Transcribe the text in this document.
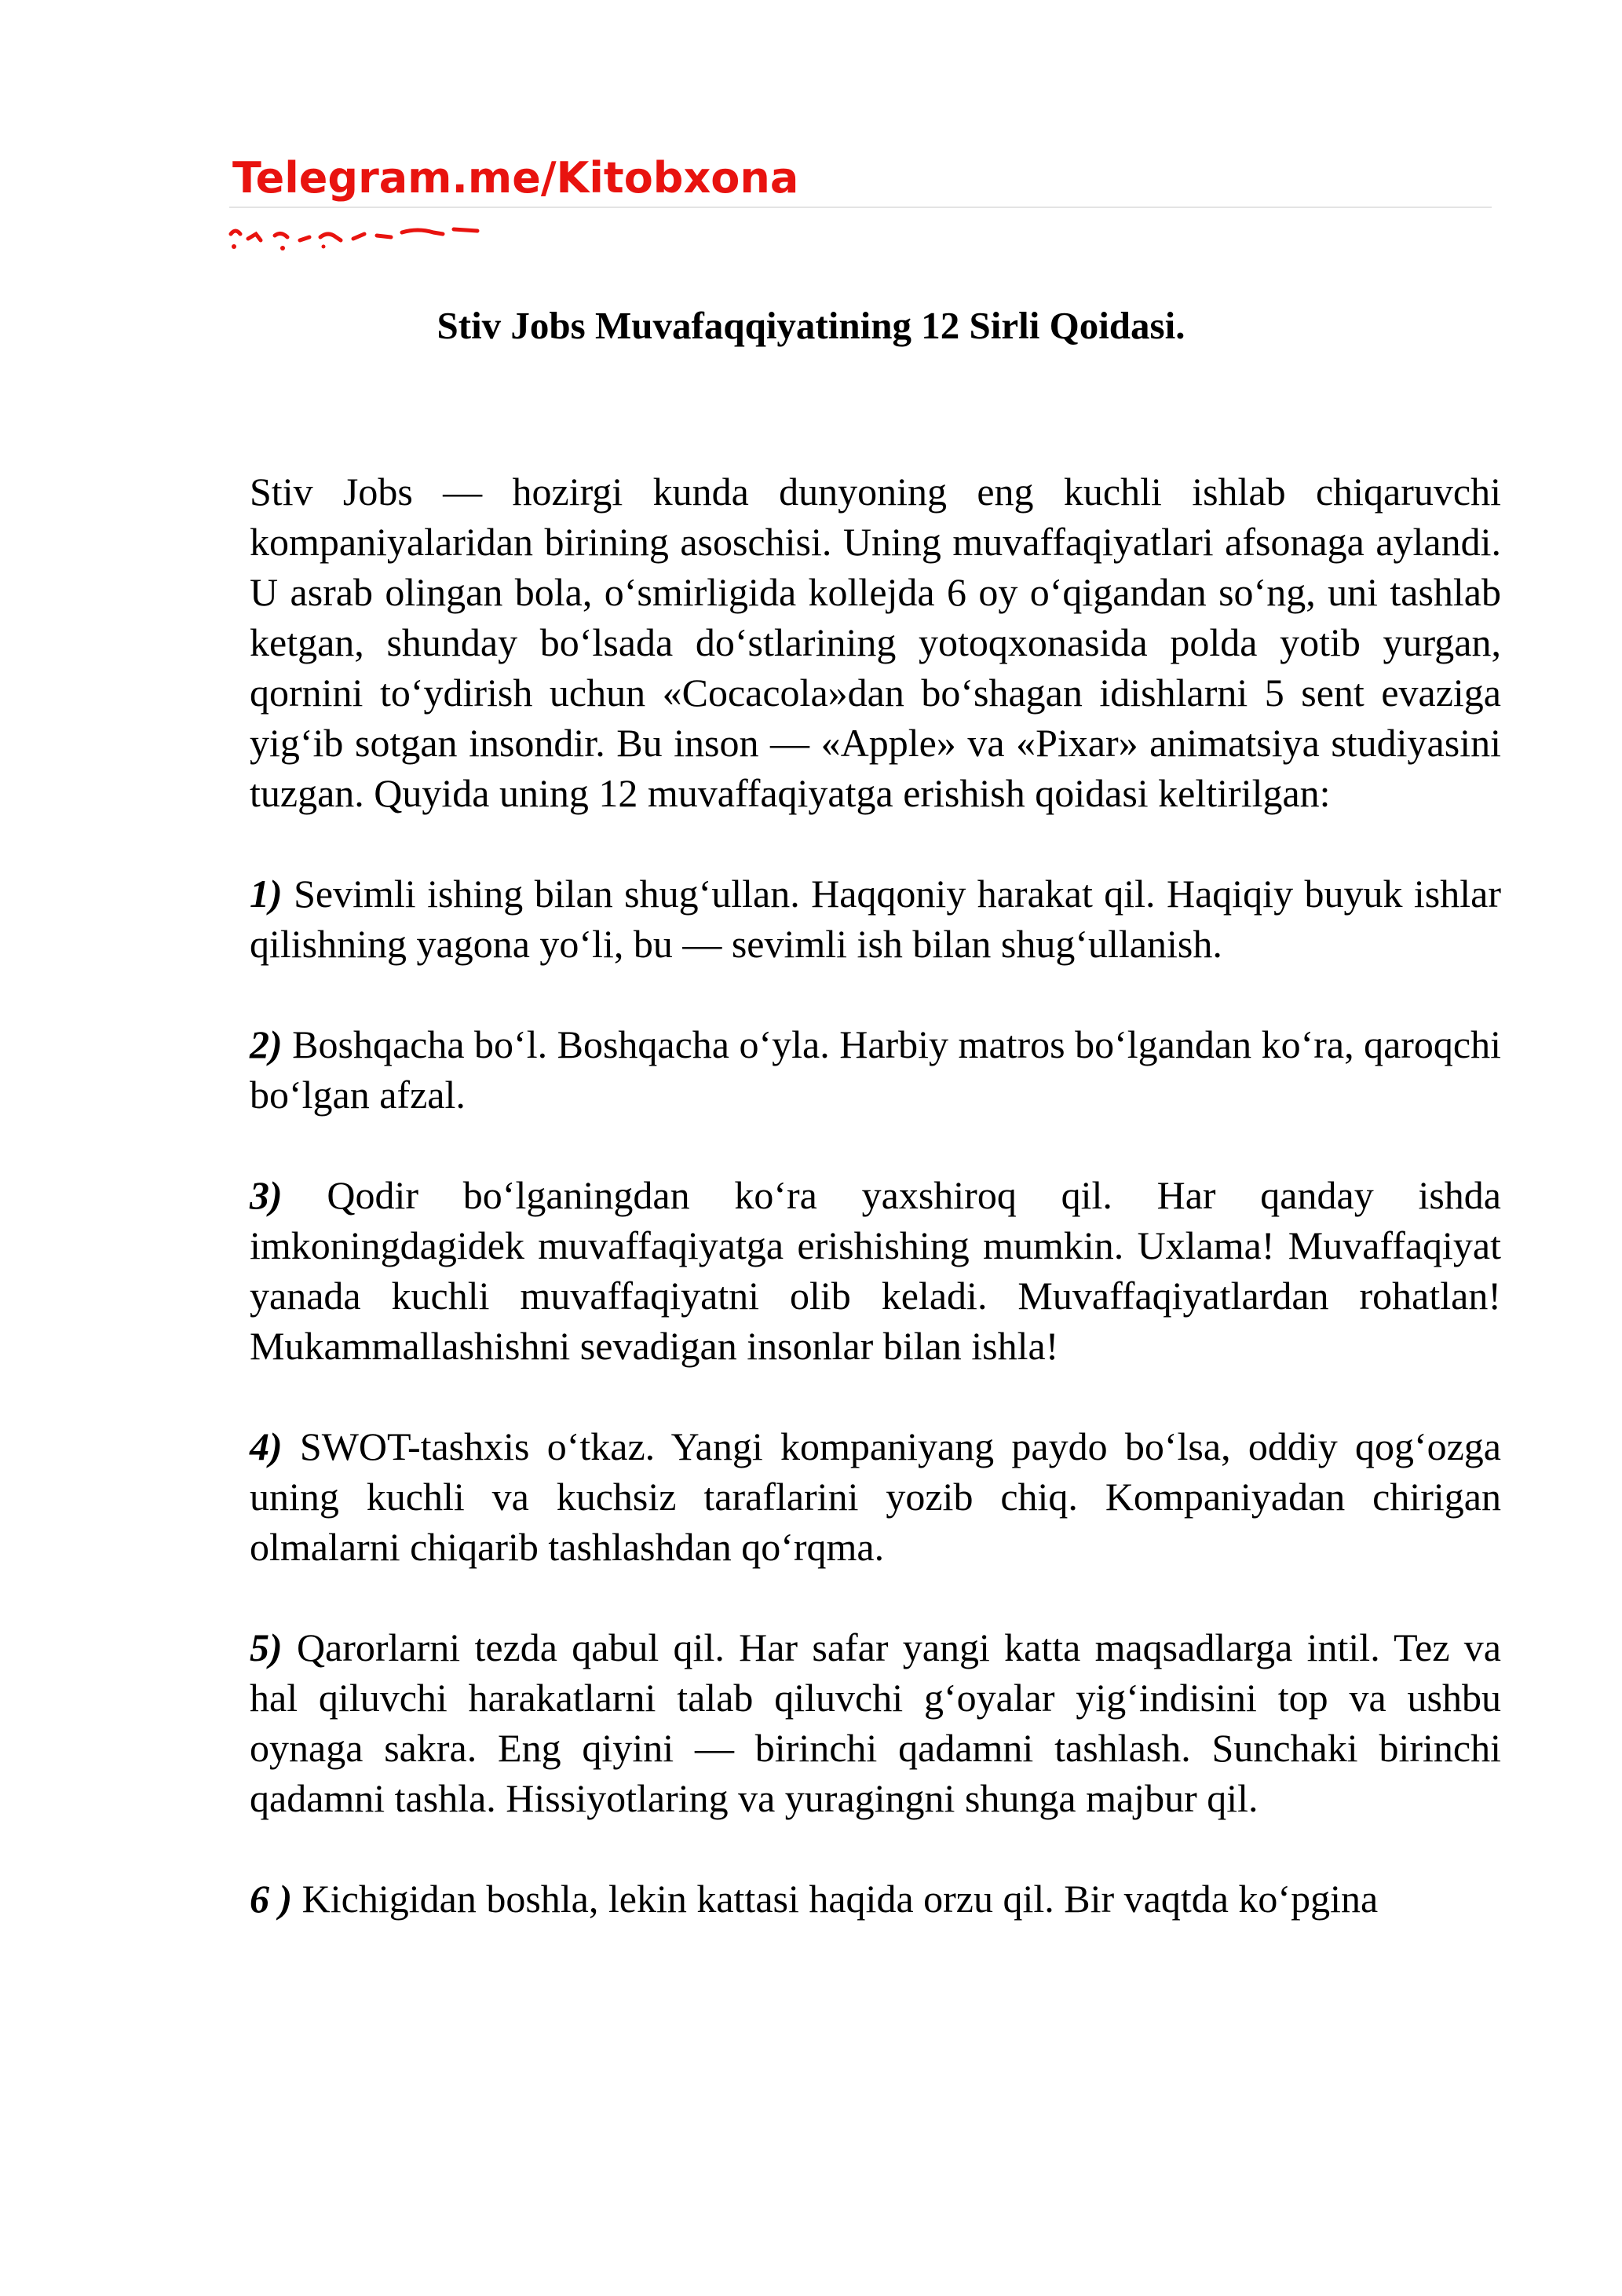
Telegram.me/Kitobxona
Stiv Jobs Muvafaqqiyatining 12 Sirli Qoidasi.

Stiv Jobs — hozirgi kunda dunyoning eng kuchli ishlab chiqaruvchi kompaniyalaridan birining asoschisi. Uning muvaffaqiyatlari afsonaga aylandi. U asrab olingan bola, oʻsmirligida kollejda 6 oy oʻqigandan soʻng, uni tashlab ketgan, shunday boʻlsada doʻstlarining yotoqxonasida polda yotib yurgan, qornini toʻydirish uchun «Cocacola»dan boʻshagan idishlarni 5 sent evaziga yigʻib sotgan insondir. Bu inson — «Apple» va «Pixar» animatsiya studiyasini tuzgan. Quyida uning 12 muvaffaqiyatga erishish qoidasi keltirilgan:

1) Sevimli ishing bilan shugʻullan. Haqqoniy harakat qil. Haqiqiy buyuk ishlar qilishning yagona yoʻli, bu — sevimli ish bilan shugʻullanish.

2) Boshqacha boʻl. Boshqacha oʻyla. Harbiy matros boʻlgandan koʻra, qaroqchi boʻlgan afzal.

3) Qodir boʻlganingdan koʻra yaxshiroq qil. Har qanday ishda imkoningdagidek muvaffaqiyatga erishishing mumkin. Uxlama! Muvaffaqiyat yanada kuchli muvaffaqiyatni olib keladi. Muvaffaqiyatlardan rohatlan! Mukammallashishni sevadigan insonlar bilan ishla!

4) SWOT-tashxis oʻtkaz. Yangi kompaniyang paydo boʻlsa, oddiy qogʻozga uning kuchli va kuchsiz taraflarini yozib chiq. Kompaniyadan chirigan olmalarni chiqarib tashlashdan qoʻrqma.

5) Qarorlarni tezda qabul qil. Har safar yangi katta maqsadlarga intil. Tez va hal qiluvchi harakatlarni talab qiluvchi gʻoyalar yigʻindisini top va ushbu oynaga sakra. Eng qiyini — birinchi qadamni tashlash. Sunchaki birinchi qadamni tashla. Hissiyotlaring va yuragingni shunga majbur qil.

6 ) Kichigidan boshla, lekin kattasi haqida orzu qil. Bir vaqtda koʻpgina
